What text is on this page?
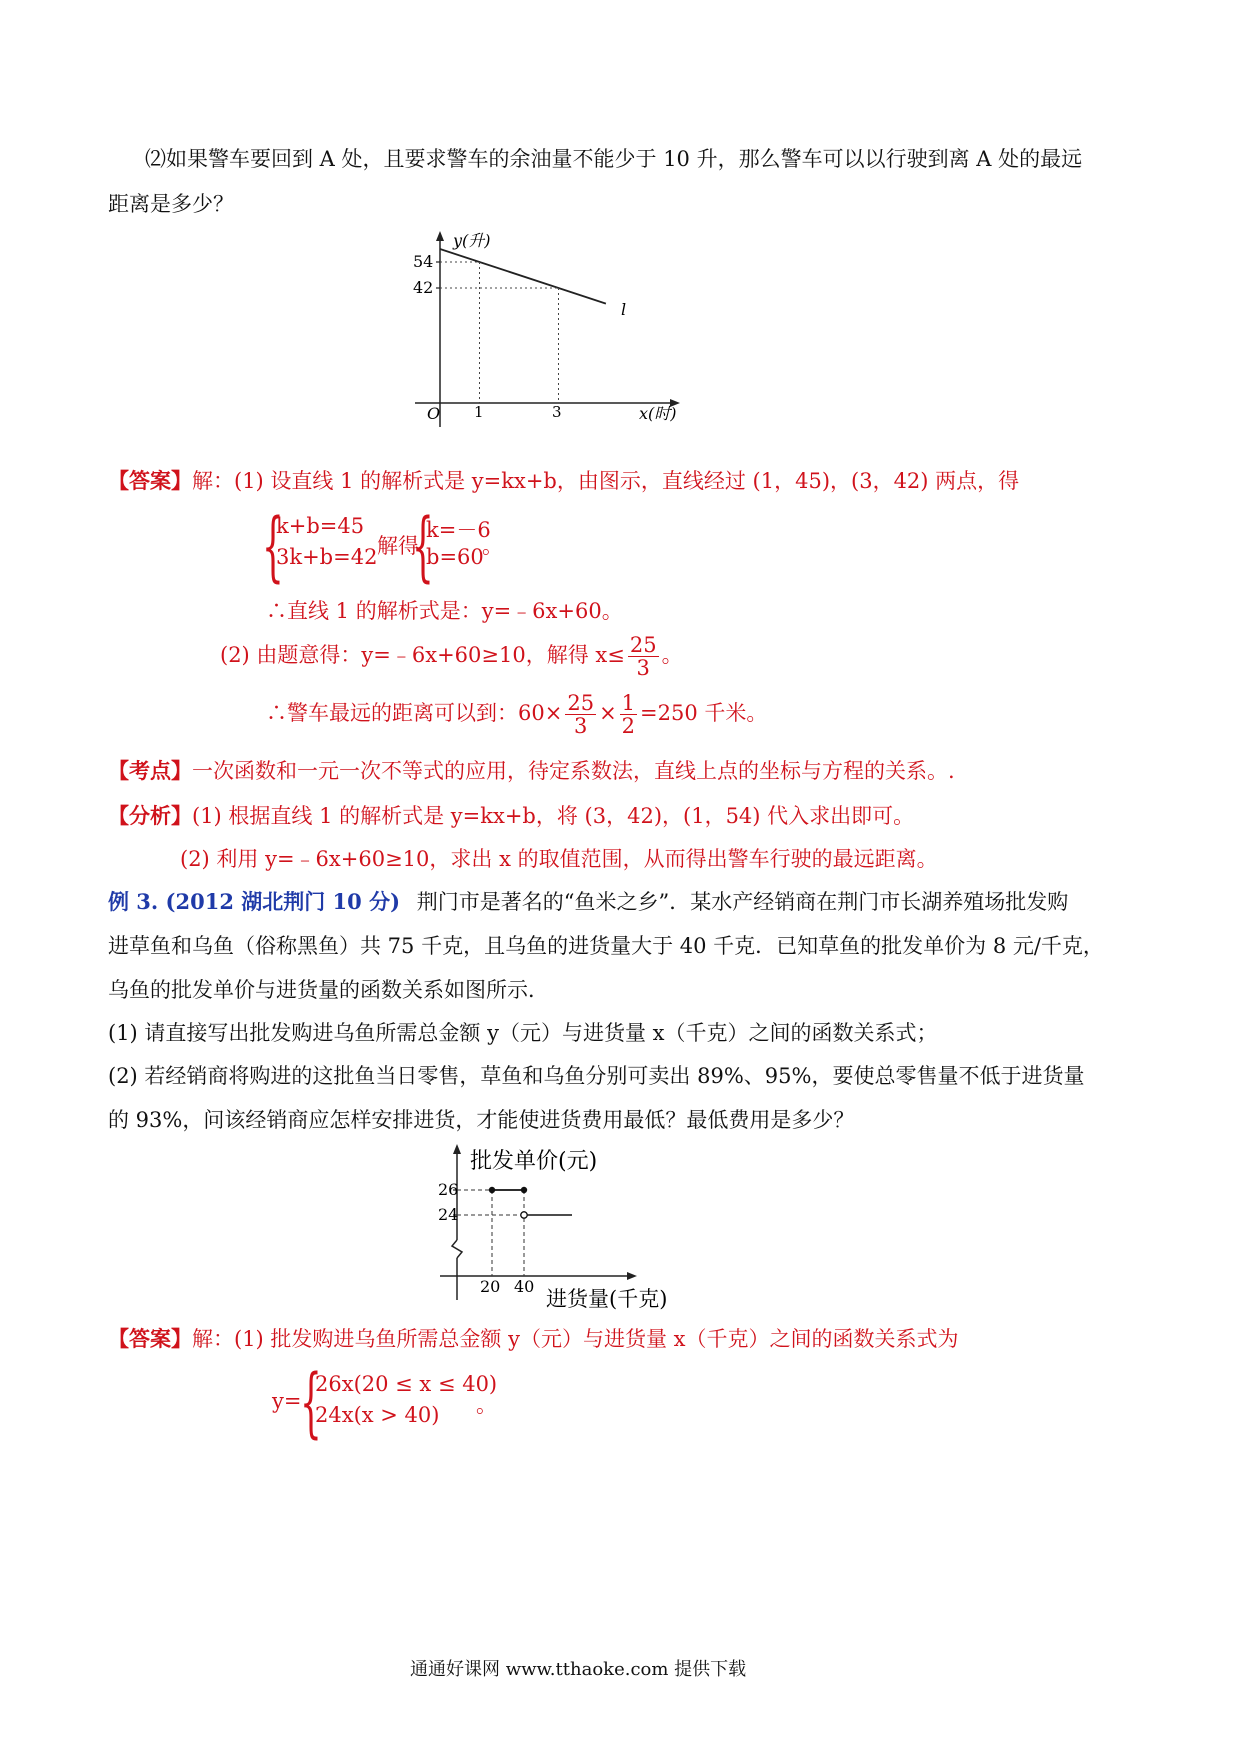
⑵如果警车要回到 A 处，且要求警车的余油量不能少于 10 升，那么警车可以以行驶到离 A 处的最远
距离是多少？
y(升)
x(时)
O
54
42
1	3
l
【答案】解：(1) 设直线 1 的解析式是 y=kx+b，由图示，直线经过 (1，45)，(3，42) 两点，得
{
k+b=45
3k+b=42
，解得
{
k=－6
b=60
。
∴直线 1 的解析式是：y=﹣6x+60。
(2) 由题意得：y=﹣6x+60≥10，解得 $x\le \frac{25}{3}$ 。
∴警车最远的距离可以到：$60\times \frac{25}{3} \times \frac{1}{2} =250$ 千米。
【考点】一次函数和一元一次不等式的应用，待定系数法，直线上点的坐标与方程的关系。.
【分析】(1) 根据直线 1 的解析式是 y=kx+b，将 (3，42)，(1，54) 代入求出即可。
(2) 利用 y=﹣6x+60≥10，求出 x 的取值范围，从而得出警车行驶的最远距离。
例 3. (2012 湖北荆门 10 分) 荆门市是著名的“鱼米之乡”．某水产经销商在荆门市长湖养殖场批发购
进草鱼和乌鱼（俗称黑鱼）共 75 千克，且乌鱼的进货量大于 40 千克．已知草鱼的批发单价为 8 元/千克，
乌鱼的批发单价与进货量的函数关系如图所示．
(1) 请直接写出批发购进乌鱼所需总金额 y（元）与进货量 x（千克）之间的函数关系式；
(2) 若经销商将购进的这批鱼当日零售，草鱼和乌鱼分别可卖出 89%、95%，要使总零售量不低于进货量
的 93%，问该经销商应怎样安排进货，才能使进货费用最低？最低费用是多少？
批发单价(元)
26
24
20 40
进货量(千克)
【答案】解：(1) 批发购进乌鱼所需总金额 y（元）与进货量 x（千克）之间的函数关系式为
y=
{
26x(20 ≤ x ≤ 40)
24x(x > 40) 。
通通好课网 www.tthaoke.com 提供下载
